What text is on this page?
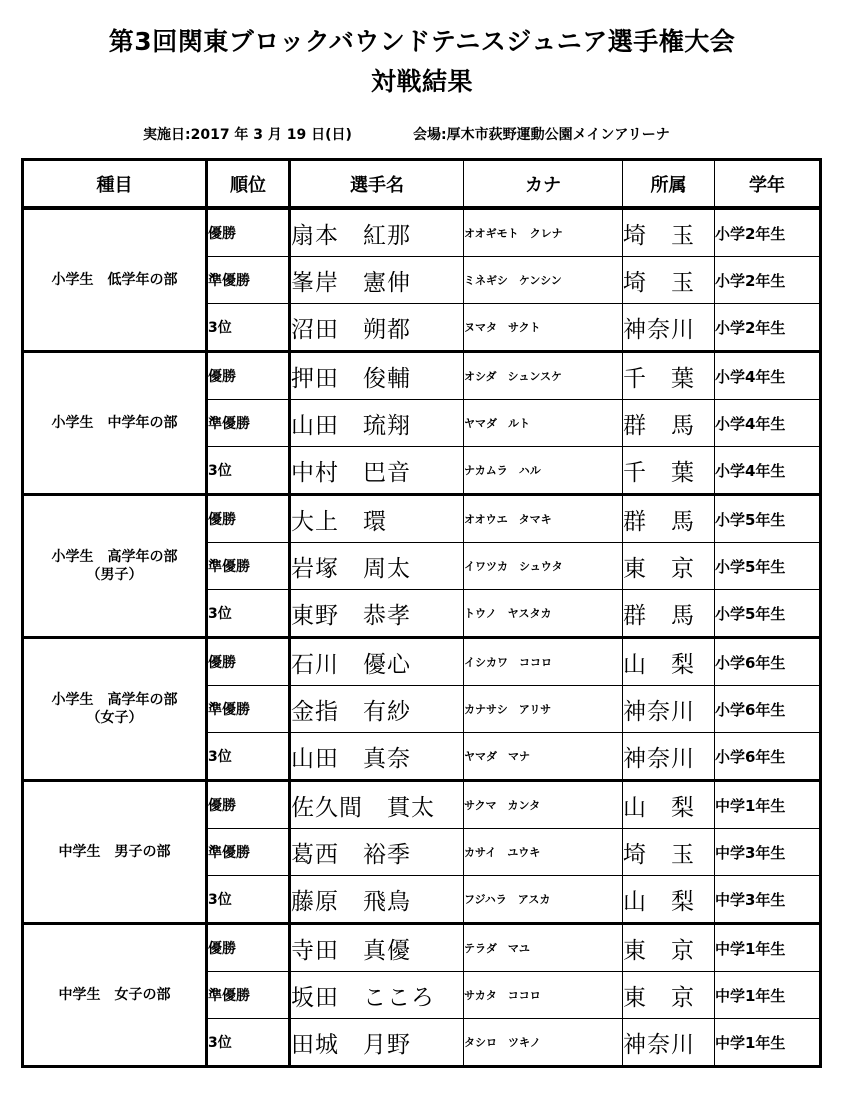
第3回関東ブロックバウンドテニスジュニア選手権大会
対戦結果
実施日:2017 年 3 月 19 日(日)	会場:厚木市荻野運動公園メインアリーナ
種目	順位	選手名	カナ	所属	学年

小学生　低学年の部	優勝	扇本　紅那	オオギモト　クレナ	埼　玉	小学2年生
	準優勝	峯岸　憲伸	ミネギシ　ケンシン	埼　玉	小学2年生
	3位	沼田　朔都	ヌマタ　サクト	神奈川	小学2年生

小学生　中学年の部	優勝	押田　俊輔	オシダ　シュンスケ	千　葉	小学4年生
	準優勝	山田　琉翔	ヤマダ　ルト	群　馬	小学4年生
	3位	中村　巴音	ナカムラ　ハル	千　葉	小学4年生

小学生　高学年の部
（男子）	優勝	大上　環	オオウエ　タマキ	群　馬	小学5年生
	準優勝	岩塚　周太	イワツカ　シュウタ	東　京	小学5年生
	3位	東野　恭孝	トウノ　ヤスタカ	群　馬	小学5年生

小学生　高学年の部
（女子）	優勝	石川　優心	イシカワ　ココロ	山　梨	小学6年生
	準優勝	金指　有紗	カナサシ　アリサ	神奈川	小学6年生
	3位	山田　真奈	ヤマダ　マナ	神奈川	小学6年生

中学生　男子の部	優勝	佐久間　貫太	サクマ　カンタ	山　梨	中学1年生
	準優勝	葛西　裕季	カサイ　ユウキ	埼　玉	中学3年生
	3位	藤原　飛鳥	フジハラ　アスカ	山　梨	中学3年生

中学生　女子の部	優勝	寺田　真優	テラダ　マユ	東　京	中学1年生
	準優勝	坂田　こころ	サカタ　ココロ	東　京	中学1年生
	3位	田城　月野	タシロ　ツキノ	神奈川	中学1年生
